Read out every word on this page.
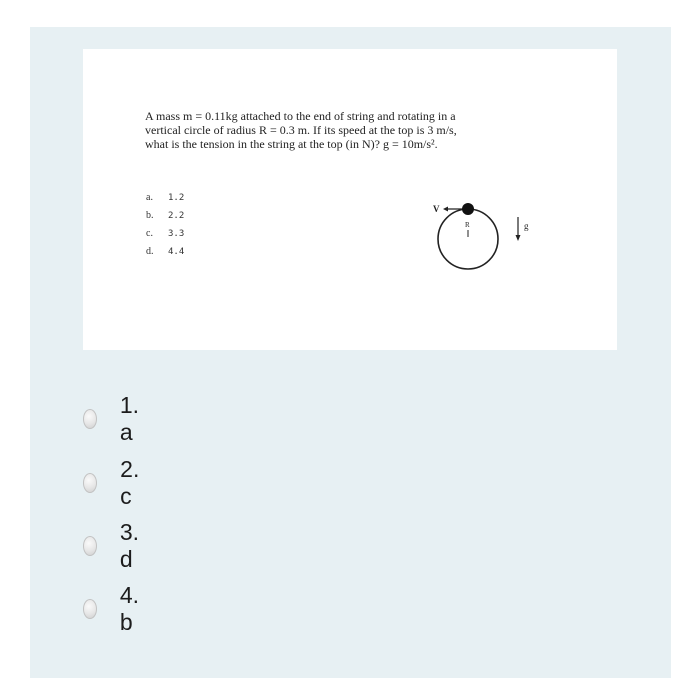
A mass m = 0.11kg attached to the end of string and rotating in a
vertical circle of radius R = 0.3 m. If its speed at the top is 3 m/s,
what is the tension in the string at the top (in N)? g = 10m/s².
a. 1.2
b. 2.2
c. 3.3
d. 4.4
V
R	g
1. a
2. c
3. d
4. b
